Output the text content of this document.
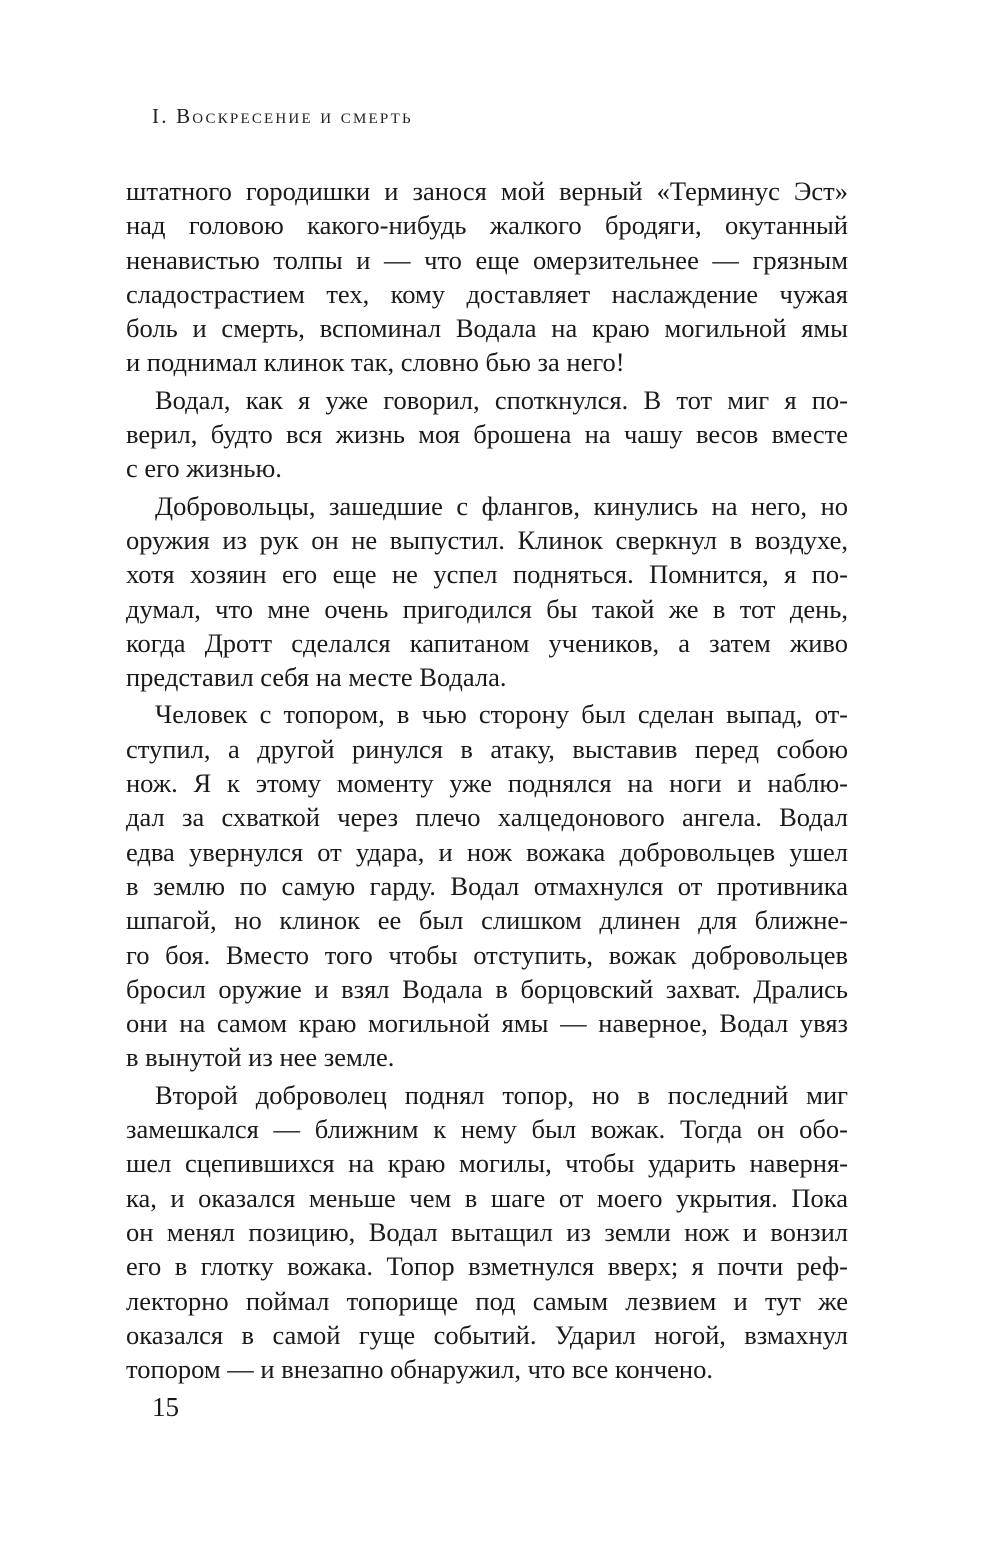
I. Воскресение и смерть
штатного городишки и занося мой верный «Терминус Эст»
над головою какого-нибудь жалкого бродяги, окутанный
ненавистью толпы и — что еще омерзительнее — грязным
сладострастием тех, кому доставляет наслаждение чужая
боль и смерть, вспоминал Водала на краю могильной ямы
и поднимал клинок так, словно бью за него!
Водал, как я уже говорил, споткнулся. В тот миг я по-
верил, будто вся жизнь моя брошена на чашу весов вместе
с его жизнью.
Добровольцы, зашедшие с флангов, кинулись на него, но
оружия из рук он не выпустил. Клинок сверкнул в воздухе,
хотя хозяин его еще не успел подняться. Помнится, я по-
думал, что мне очень пригодился бы такой же в тот день,
когда Дротт сделался капитаном учеников, а затем живо
представил себя на месте Водала.
Человек с топором, в чью сторону был сделан выпад, от-
ступил, а другой ринулся в атаку, выставив перед собою
нож. Я к этому моменту уже поднялся на ноги и наблю-
дал за схваткой через плечо халцедонового ангела. Водал
едва увернулся от удара, и нож вожака добровольцев ушел
в землю по самую гарду. Водал отмахнулся от противника
шпагой, но клинок ее был слишком длинен для ближне-
го боя. Вместо того чтобы отступить, вожак добровольцев
бросил оружие и взял Водала в борцовский захват. Дрались
они на самом краю могильной ямы — наверное, Водал увяз
в вынутой из нее земле.
Второй доброволец поднял топор, но в последний миг
замешкался — ближним к нему был вожак. Тогда он обо-
шел сцепившихся на краю могилы, чтобы ударить наверня-
ка, и оказался меньше чем в шаге от моего укрытия. Пока
он менял позицию, Водал вытащил из земли нож и вонзил
его в глотку вожака. Топор взметнулся вверх; я почти реф-
лекторно поймал топорище под самым лезвием и тут же
оказался в самой гуще событий. Ударил ногой, взмахнул
топором — и внезапно обнаружил, что все кончено.
15
